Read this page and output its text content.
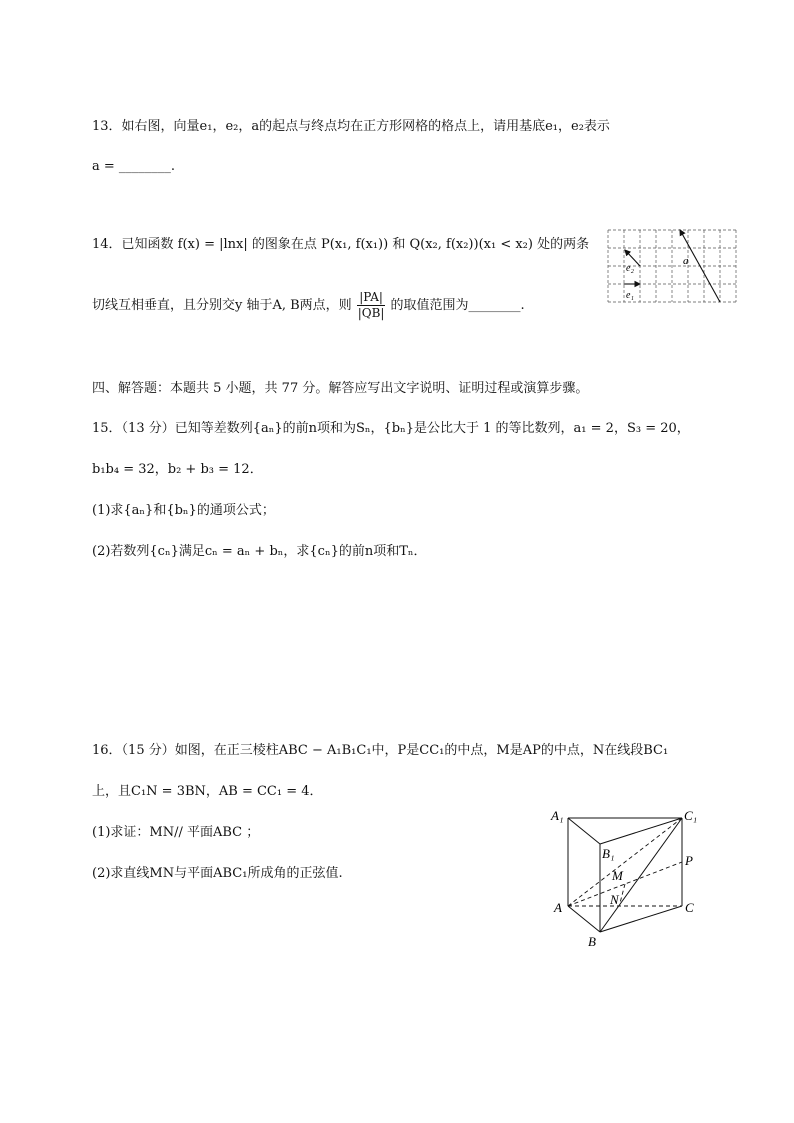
13．如右图，向量e₁，e₂，a的起点与终点均在正方形网格的格点上，请用基底e₁，e₂表示
a = ________.
14．已知函数 f(x) = |lnx| 的图象在点 P(x₁, f(x₁)) 和 Q(x₂, f(x₂))(x₁ < x₂) 处的两条
切线互相垂直，且分别交y 轴于A, B两点，则 $\frac{|PA|}{|QB|}$ 的取值范围为________.
a
e₂
e₁
四、解答题：本题共 5 小题，共 77 分。解答应写出文字说明、证明过程或演算步骤。
15．（13 分）已知等差数列{aₙ}的前n项和为Sₙ，{bₙ}是公比大于 1 的等比数列，a₁ = 2，S₃ = 20，
b₁b₄ = 32，b₂ + b₃ = 12．
(1)求{aₙ}和{bₙ}的通项公式；
(2)若数列{cₙ}满足cₙ = aₙ + bₙ，求{cₙ}的前n项和Tₙ．
16．（15 分）如图，在正三棱柱ABC − A₁B₁C₁中，P是CC₁的中点，M是AP的中点，N在线段BC₁
上，且C₁N = 3BN，AB = CC₁ = 4．
(1)求证：MN// 平面ABC ；
(2)求直线MN与平面ABC₁所成角的正弦值.
A₁	C₁
B₁	P
M
A
N
C
B
